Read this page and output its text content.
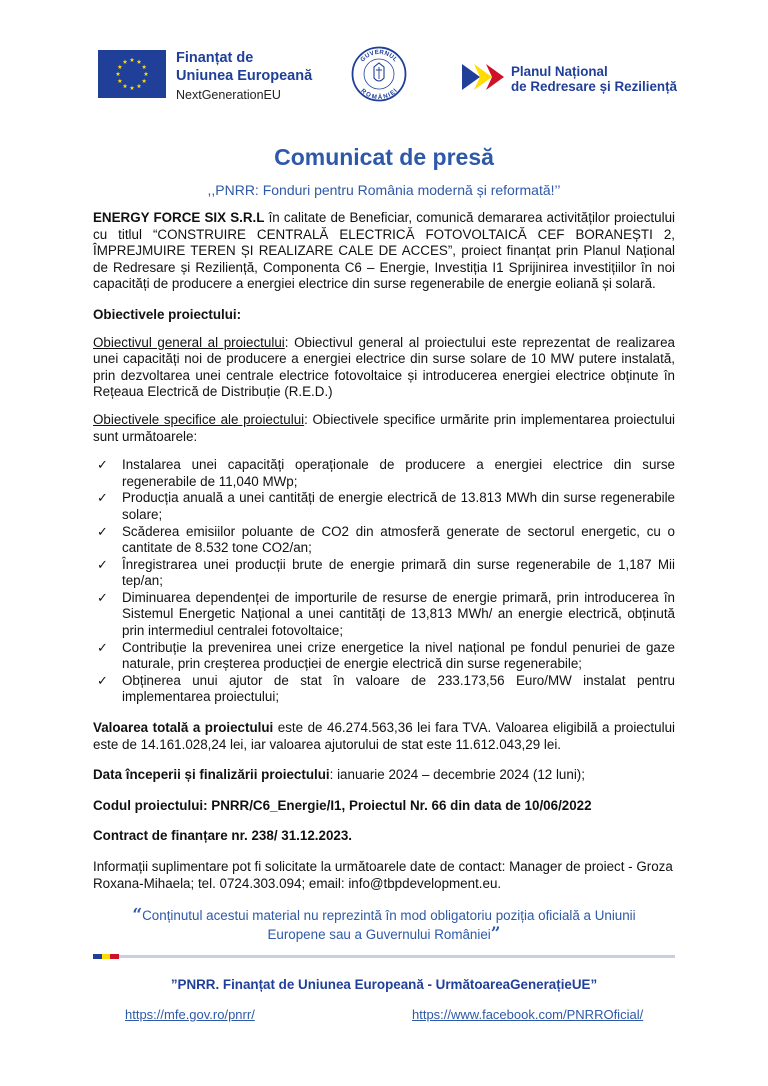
Finanțat de
Uniunea Europeană
NextGenerationEU
GUVERNUL
ROMÂNIEI
Planul Național
de Redresare și Reziliență
Comunicat de presă
,,PNRR: Fonduri pentru România modernă și reformată!’’

ENERGY FORCE SIX S.R.L în calitate de Beneficiar, comunică demararea activităților proiectului cu titlul “CONSTRUIRE CENTRALĂ ELECTRICĂ FOTOVOLTAICĂ CEF BORANEȘTI 2, ÎMPREJMUIRE TEREN ȘI REALIZARE CALE DE ACCES”, proiect finanțat prin Planul Național de Redresare și Reziliență, Componenta C6 – Energie, Investiția I1 Sprijinirea investițiilor în noi capacități de producere a energiei electrice din surse regenerabile de energie eoliană și solară.

Obiectivele proiectului:

Obiectivul general al proiectului: Obiectivul general al proiectului este reprezentat de realizarea unei capacități noi de producere a energiei electrice din surse solare de 10 MW putere instalată, prin dezvoltarea unei centrale electrice fotovoltaice și introducerea energiei electrice obținute în Rețeaua Electrică de Distribuție (R.E.D.)

Obiectivele specifice ale proiectului: Obiectivele specifice urmărite prin implementarea proiectului sunt următoarele:

✓ Instalarea unei capacități operaționale de producere a energiei electrice din surse regenerabile de 11,040 MWp;
✓ Producția anuală a unei cantități de energie electrică de 13.813 MWh din surse regenerabile solare;
✓ Scăderea emisiilor poluante de CO2 din atmosferă generate de sectorul energetic, cu o cantitate de 8.532 tone CO2/an;
✓ Înregistrarea unei producții brute de energie primară din surse regenerabile de 1,187 Mii tep/an;
✓ Diminuarea dependenței de importurile de resurse de energie primară, prin introducerea în Sistemul Energetic Național a unei cantități de 13,813 MWh/ an energie electrică, obținută prin intermediul centralei fotovoltaice;
✓ Contribuție la prevenirea unei crize energetice la nivel național pe fondul penuriei de gaze naturale, prin creșterea producției de energie electrică din surse regenerabile;
✓ Obținerea unui ajutor de stat în valoare de 233.173,56 Euro/MW instalat pentru implementarea proiectului;

Valoarea totală a proiectului este de 46.274.563,36 lei fara TVA. Valoarea eligibilă a proiectului este de 14.161.028,24 lei, iar valoarea ajutorului de stat este 11.612.043,29 lei.

Data începerii și finalizării proiectului: ianuarie 2024 – decembrie 2024 (12 luni);

Codul proiectului: PNRR/C6_Energie/I1, Proiectul Nr. 66 din data de 10/06/2022

Contract de finanțare nr. 238/ 31.12.2023.

Informații suplimentare pot fi solicitate la următoarele date de contact: Manager de proiect - Groza Roxana-Mihaela; tel. 0724.303.094; email: info@tbpdevelopment.eu.

“Conținutul acestui material nu reprezintă în mod obligatoriu poziția oficială a Uniunii Europene sau a Guvernului României”
”PNRR. Finanțat de Uniunea Europeană - UrmătoareaGenerațieUE”
https://mfe.gov.ro/pnrr/	https://www.facebook.com/PNRROficial/
